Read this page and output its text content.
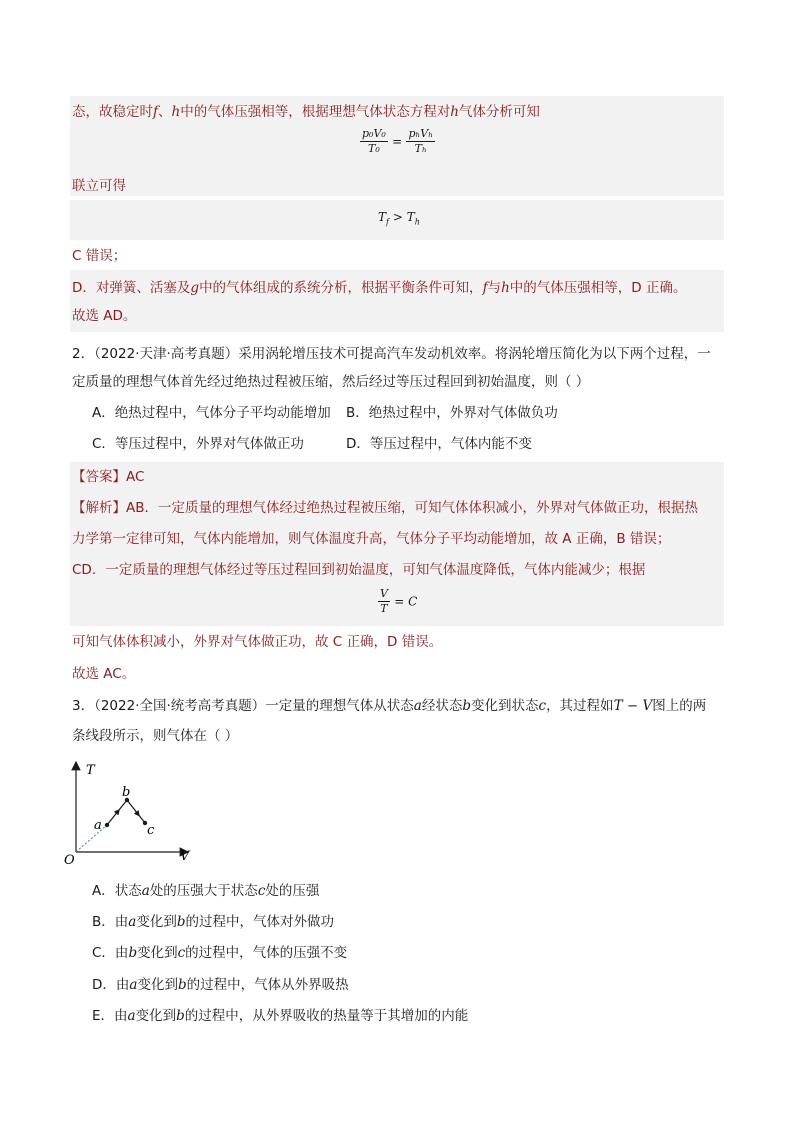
态，故稳定时f、h中的气体压强相等，根据理想气体状态方程对h气体分析可知
$\frac{\text{p₀V₀}}{\text{T₀}} = \frac{\text{pₕVₕ}}{\text{Tₕ}}$
联立可得
$T_f > T_h$
C 错误；
D．对弹簧、活塞及g中的气体组成的系统分析，根据平衡条件可知，f与h中的气体压强相等，D 正确。
故选 AD。
2．（2022·天津·高考真题）采用涡轮增压技术可提高汽车发动机效率。将涡轮增压简化为以下两个过程，一
定质量的理想气体首先经过绝热过程被压缩，然后经过等压过程回到初始温度，则（ ）
A．绝热过程中，气体分子平均动能增加 B．绝热过程中，外界对气体做负功
C．等压过程中，外界对气体做正功	D．等压过程中，气体内能不变
【答案】AC
【解析】AB．一定质量的理想气体经过绝热过程被压缩，可知气体体积减小，外界对气体做正功，根据热
力学第一定律可知，气体内能增加，则气体温度升高，气体分子平均动能增加，故 A 正确，B 错误；
CD．一定质量的理想气体经过等压过程回到初始温度，可知气体温度降低，气体内能减少；根据
$\frac{V}{T} = C$
可知气体体积减小，外界对气体做正功，故 C 正确，D 错误。
故选 AC。
3．（2022·全国·统考高考真题）一定量的理想气体从状态a经状态b变化到状态c，其过程如T − V图上的两
条线段所示，则气体在（ ）
T
V
O
a
b
c
A．状态a处的压强大于状态c处的压强
B．由a变化到b的过程中，气体对外做功
C．由b变化到c的过程中，气体的压强不变
D．由a变化到b的过程中，气体从外界吸热
E．由a变化到b的过程中，从外界吸收的热量等于其增加的内能
